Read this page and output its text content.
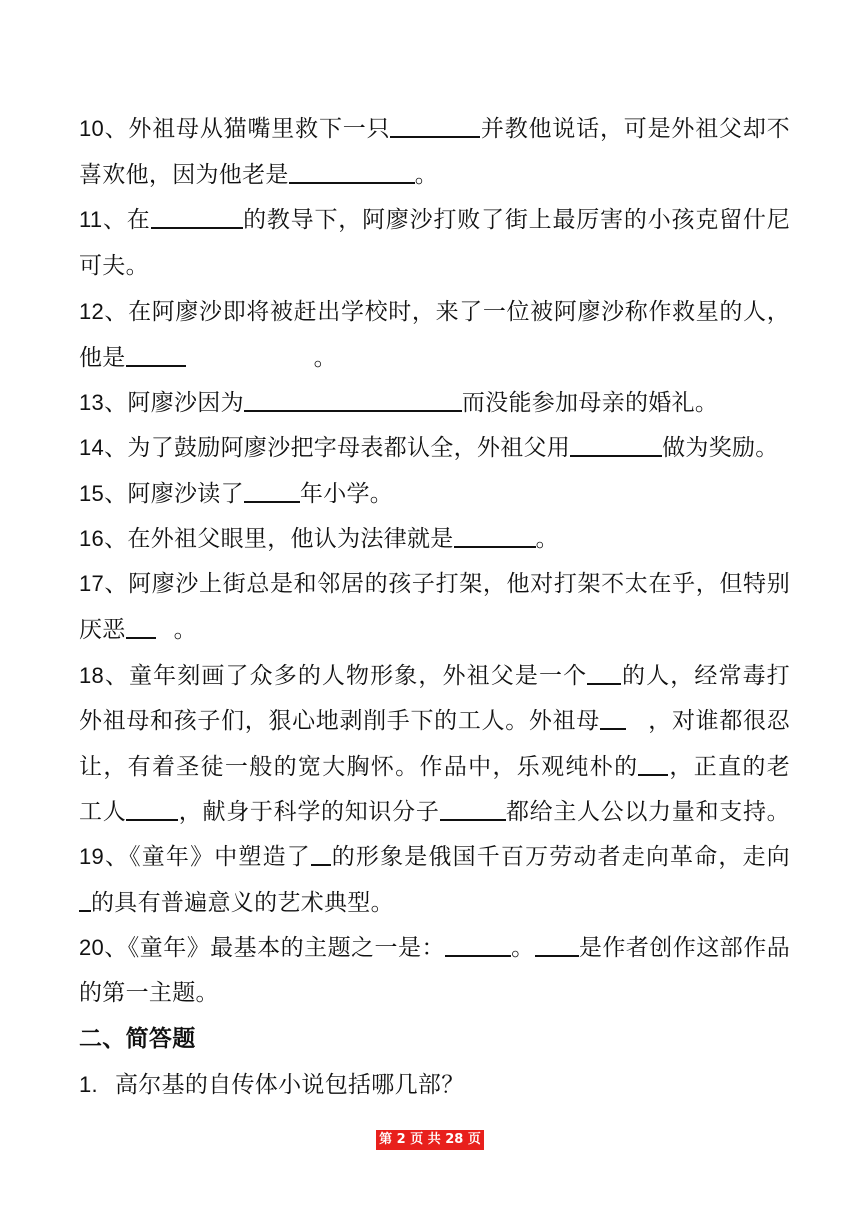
10、外祖母从猫嘴里救下一只	并教他说话，可是外祖父却不
喜欢他，因为他老是	。
11、在	的教导下，阿廖沙打败了街上最厉害的小孩克留什尼
可夫。
12、在阿廖沙即将被赶出学校时，来了一位被阿廖沙称作救星的人，
他是	。
13、阿廖沙因为	而没能参加母亲的婚礼。
14、为了鼓励阿廖沙把字母表都认全，外祖父用	做为奖励。
15、阿廖沙读了 年小学。
16、在外祖父眼里，他认为法律就是	。
17、阿廖沙上街总是和邻居的孩子打架，他对打架不太在乎，但特别
厌恶 。
18、童年刻画了众多的人物形象，外祖父是一个 的人，经常毒打
外祖母和孩子们，狠心地剥削手下的工人。外祖母 ，对谁都很忍
让，有着圣徒一般的宽大胸怀。作品中，乐观纯朴的 ，正直的老
工人 ，献身于科学的知识分子	都给主人公以力量和支持。
19、《童年》中塑造了 的形象是俄国千百万劳动者走向革命，走向
的具有普遍意义的艺术典型。
20、《童年》最基本的主题之一是：	。 是作者创作这部作品
的第一主题。
二、简答题
1. 高尔基的自传体小说包括哪几部？
第 2 页 共 28 页
